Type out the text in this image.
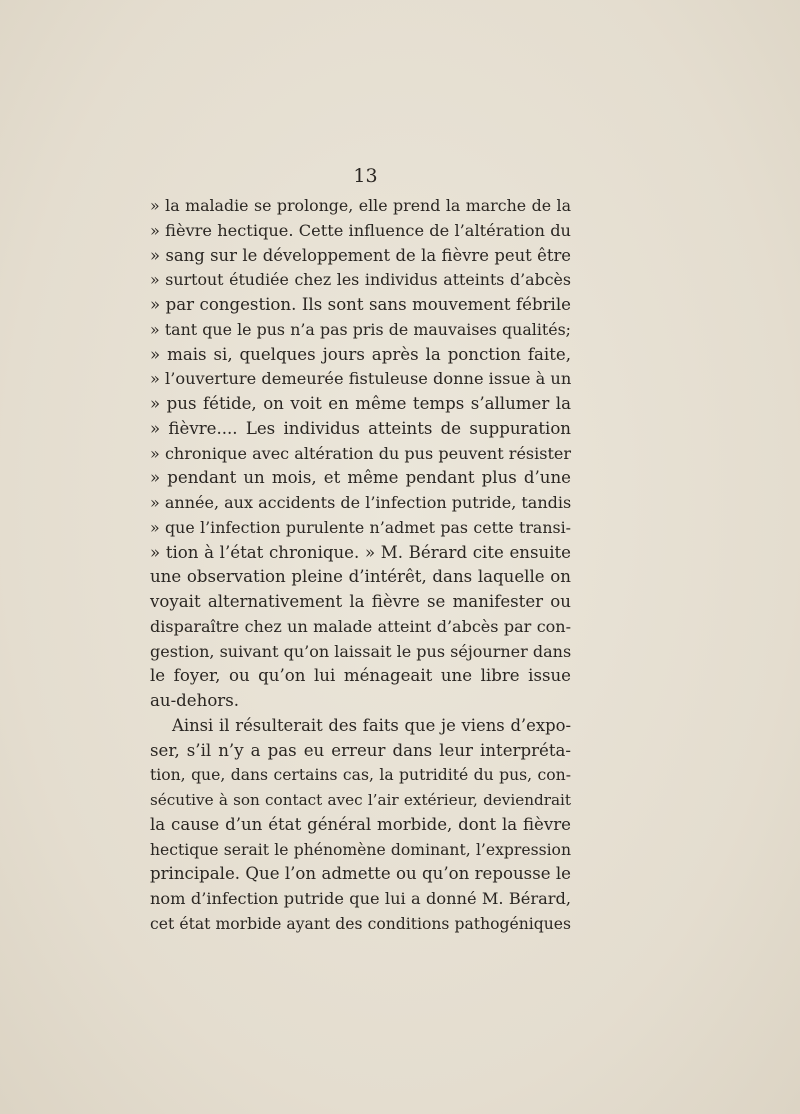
13
» la maladie se prolonge, elle prend la marche de la
» fièvre hectique. Cette influence de l’altération du
» sang sur le développement de la fièvre peut être
» surtout étudiée chez les individus atteints d’abcès
» par congestion. Ils sont sans mouvement fébrile
» tant que le pus n’a pas pris de mauvaises qualités;
» mais si, quelques jours après la ponction faite,
» l’ouverture demeurée fistuleuse donne issue à un
» pus fétide, on voit en même temps s’allumer la
» fièvre.... Les individus atteints de suppuration
» chronique avec altération du pus peuvent résister
» pendant un mois, et même pendant plus d’une
» année, aux accidents de l’infection putride, tandis
» que l’infection purulente n’admet pas cette transi-
» tion à l’état chronique. » M. Bérard cite ensuite
une observation pleine d’intérêt, dans laquelle on
voyait alternativement la fièvre se manifester ou
disparaître chez un malade atteint d’abcès par con-
gestion, suivant qu’on laissait le pus séjourner dans
le foyer, ou qu’on lui ménageait une libre issue
au-dehors.
Ainsi il résulterait des faits que je viens d’expo-
ser, s’il n’y a pas eu erreur dans leur interpréta-
tion, que, dans certains cas, la putridité du pus, con-
sécutive à son contact avec l’air extérieur, deviendrait
la cause d’un état général morbide, dont la fièvre
hectique serait le phénomène dominant, l’expression
principale. Que l’on admette ou qu’on repousse le
nom d’infection putride que lui a donné M. Bérard,
cet état morbide ayant des conditions pathogéniques
